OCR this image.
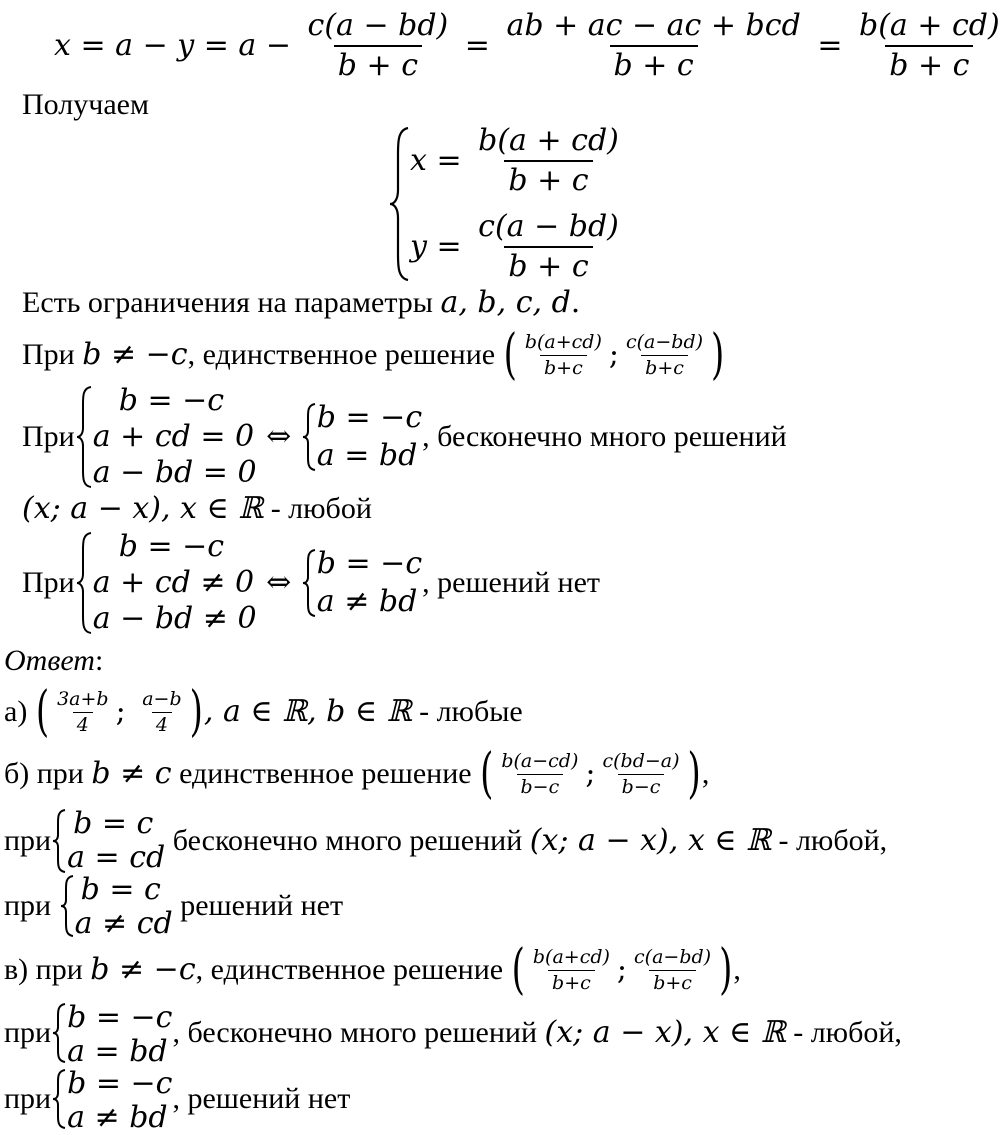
$x = a - y = a - \frac{c(a - bd)}{b + c} = \frac{\text{ab + ac − ac + bcd}}{b + c} = \frac{b(a + cd)}{b + c}$
Получаем
$x = \frac{b(a + cd)}{b + c}$
$y = \frac{c(a - bd)}{b + c}$
Есть ограничения на параметры a, b, c, d .
При b ≠ −c , единственное решение ( $\frac{b(a+cd)}{b+c}$ ; $\frac{c(a-bd)}{b+c}$ )
При
b = −c
a + cd = 0
a − bd = 0
⇔
b = −c
a = bd
, бесконечно много решений
(x; a − x), x ∈ ℝ - любой
При
b = −c
a + cd ≠ 0
a − bd ≠ 0
⇔
b = −c
a ≠ bd
, решений нет
Ответ :
а) ( $\frac{3a+b}{4}$ ; $\frac{a-b}{4}$ ) , a ∈ ℝ, b ∈ ℝ - любые
б) при b ≠ c единственное решение ( $\frac{b(a-cd)}{b-c}$ ; $\frac{c(bd-a)}{b-c}$ ) ,
при b = c
a = cd бесконечно много решений (x; a − x), x ∈ ℝ - любой,
при b = c
a ≠ cd
решений нет
в) при b ≠ −c , единственное решение ( $\frac{b(a+cd)}{b+c}$ ; $\frac{c(a-bd)}{b+c}$ ) ,
при b = −c
a = bd
, бесконечно много решений (x; a − x), x ∈ ℝ - любой,
при b = −c
a ≠ bd
, решений нет
